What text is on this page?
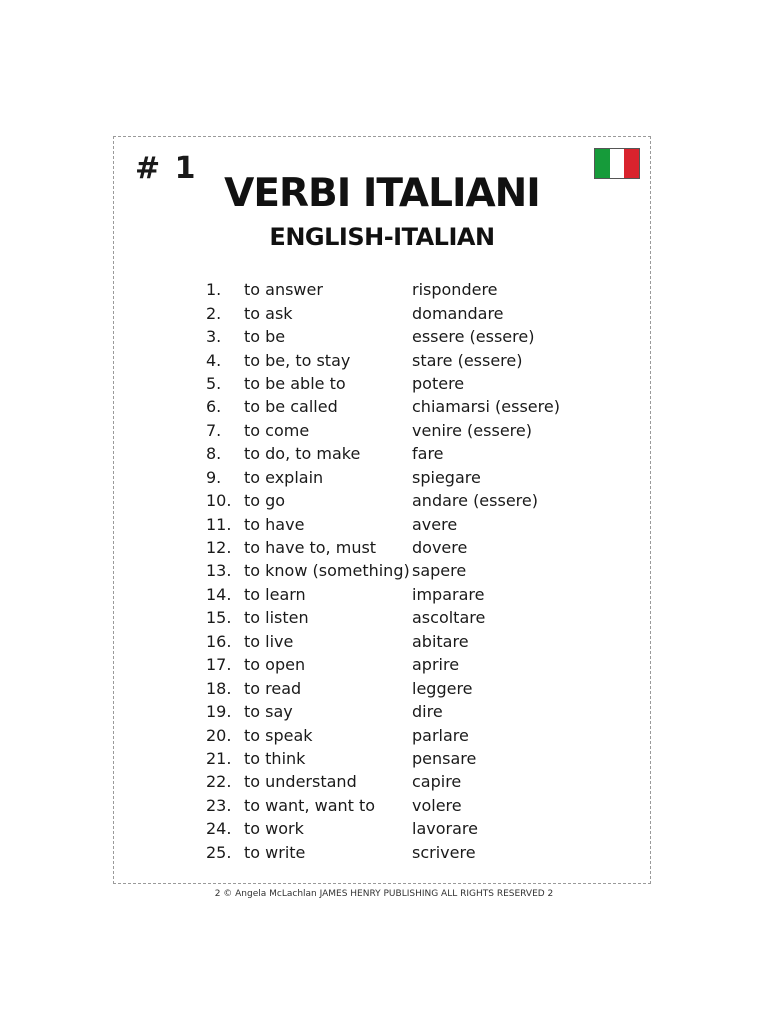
# 1
VERBI ITALIANI
ENGLISH-ITALIAN
1.	to answer	rispondere
2.	to ask	domandare
3.	to be	essere (essere)
4.	to be, to stay	stare (essere)
5.	to be able to	potere
6.	to be called	chiamarsi (essere)
7.	to come	venire (essere)
8.	to do, to make	fare
9.	to explain	spiegare
10. to go	andare (essere)
11. to have	avere
12. to have to, must	dovere
13. to know (something) sapere
14. to learn	imparare
15. to listen	ascoltare
16. to live	abitare
17. to open	aprire
18. to read	leggere
19. to say	dire
20. to speak	parlare
21. to think	pensare
22. to understand	capire
23. to want, want to	volere
24. to work	lavorare
25. to write	scrivere

2 © Angela McLachlan JAMES HENRY PUBLISHING ALL RIGHTS RESERVED 2
